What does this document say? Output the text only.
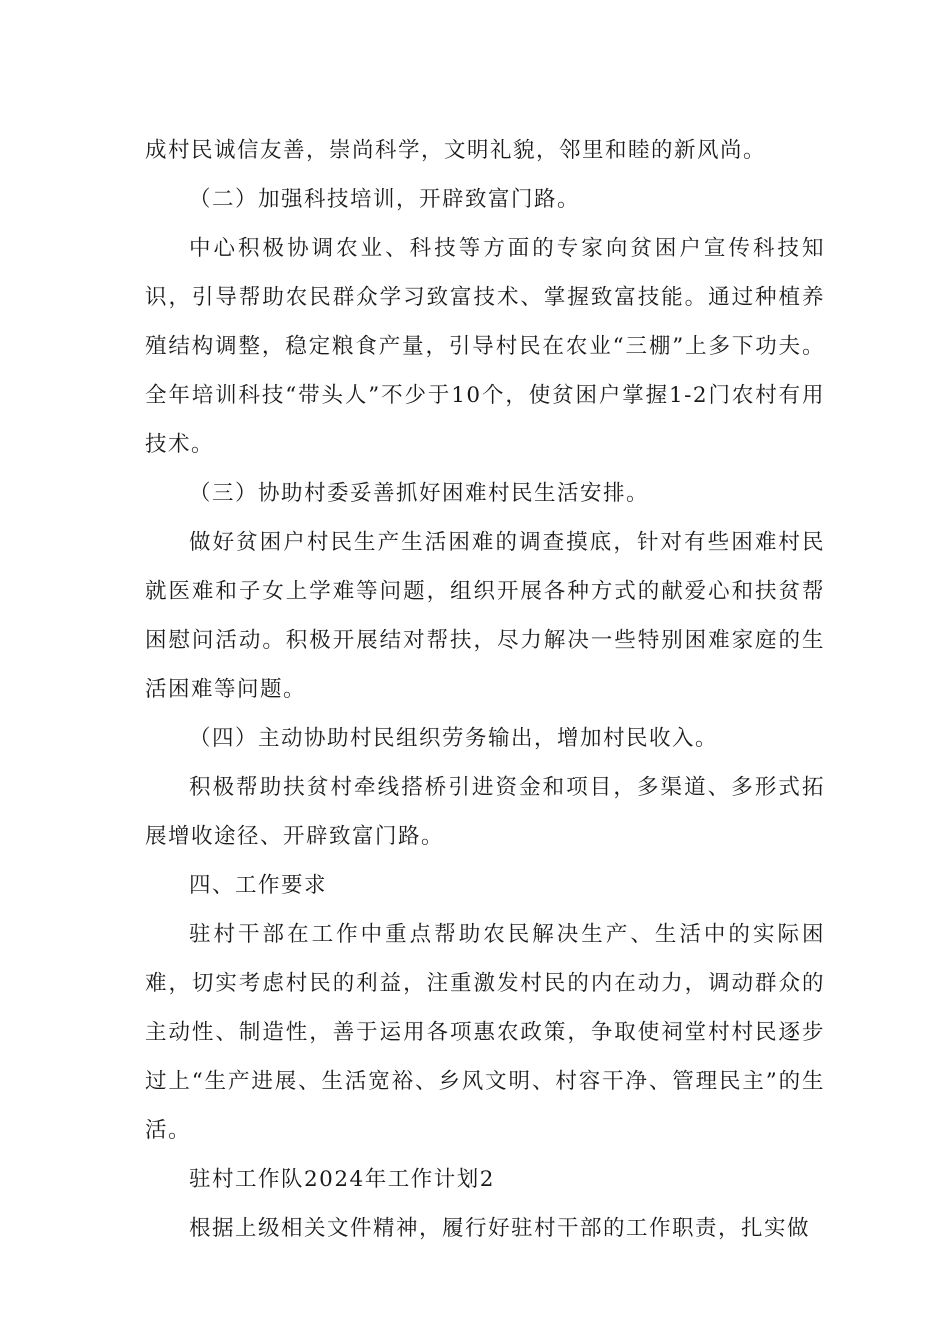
成村民诚信友善，崇尚科学，文明礼貌，邻里和睦的新风尚。

（二）加强科技培训，开辟致富门路。

中心积极协调农业、科技等方面的专家向贫困户宣传科技知识，引导帮助农民群众学习致富技术、掌握致富技能。通过种植养殖结构调整，稳定粮食产量，引导村民在农业“三棚”上多下功夫。全年培训科技“带头人”不少于10个，使贫困户掌握1-2门农村有用技术。

（三）协助村委妥善抓好困难村民生活安排。

做好贫困户村民生产生活困难的调查摸底，针对有些困难村民就医难和子女上学难等问题，组织开展各种方式的献爱心和扶贫帮困慰问活动。积极开展结对帮扶，尽力解决一些特别困难家庭的生活困难等问题。

（四）主动协助村民组织劳务输出，增加村民收入。

积极帮助扶贫村牵线搭桥引进资金和项目，多渠道、多形式拓展增收途径、开辟致富门路。

四、工作要求

驻村干部在工作中重点帮助农民解决生产、生活中的实际困难，切实考虑村民的利益，注重激发村民的内在动力，调动群众的主动性、制造性，善于运用各项惠农政策，争取使祠堂村村民逐步过上“生产进展、生活宽裕、乡风文明、村容干净、管理民主”的生活。

驻村工作队2024年工作计划2

根据上级相关文件精神，履行好驻村干部的工作职责，扎实做
